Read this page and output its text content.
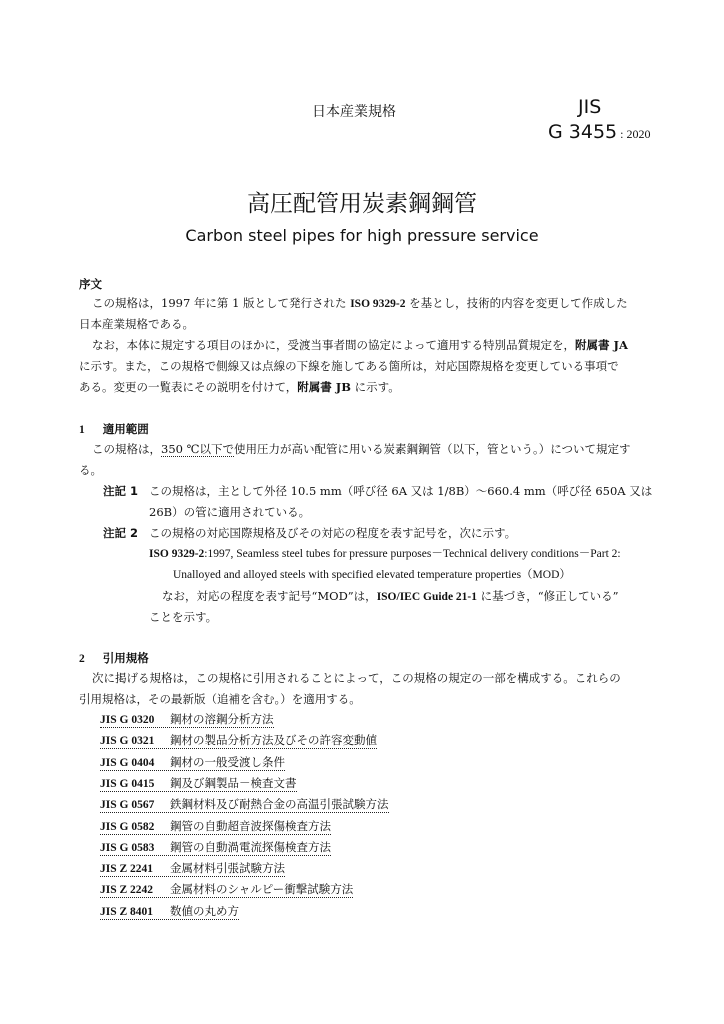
日本産業規格	JIS
G 3455 : 2020
高圧配管用炭素鋼鋼管
Carbon steel pipes for high pressure service
序文
この規格は，1997 年に第 1 版として発行された ISO 9329-2 を基とし，技術的内容を変更して作成した
日本産業規格である。
なお，本体に規定する項目のほかに，受渡当事者間の協定によって適用する特別品質規定を，附属書 JA
に示す。また，この規格で側線又は点線の下線を施してある箇所は，対応国際規格を変更している事項で
ある。変更の一覧表にその説明を付けて，附属書 JB に示す。
1 適用範囲
この規格は，350 ℃以下で使用圧力が高い配管に用いる炭素鋼鋼管（以下，管という。）について規定す
る。
注記 1 この規格は，主として外径 10.5 mm（呼び径 6A 又は 1/8B）〜660.4 mm（呼び径 650A 又は
26B）の管に適用されている。
注記 2 この規格の対応国際規格及びその対応の程度を表す記号を，次に示す。
ISO 9329-2:1997, Seamless steel tubes for pressure purposes－Technical delivery conditions－Part 2:
Unalloyed and alloyed steels with specified elevated temperature properties（MOD）
なお，対応の程度を表す記号“MOD”は，ISO/IEC Guide 21-1 に基づき，“修正している”
ことを示す。
2 引用規格
次に掲げる規格は，この規格に引用されることによって，この規格の規定の一部を構成する。これらの
引用規格は，その最新版（追補を含む。）を適用する。
JIS G 0320 鋼材の溶鋼分析方法
JIS G 0321 鋼材の製品分析方法及びその許容変動値
JIS G 0404 鋼材の一般受渡し条件
JIS G 0415 鋼及び鋼製品－検査文書
JIS G 0567 鉄鋼材料及び耐熱合金の高温引張試験方法
JIS G 0582 鋼管の自動超音波探傷検査方法
JIS G 0583 鋼管の自動渦電流探傷検査方法
JIS Z 2241 金属材料引張試験方法
JIS Z 2242 金属材料のシャルピー衝撃試験方法
JIS Z 8401 数値の丸め方
